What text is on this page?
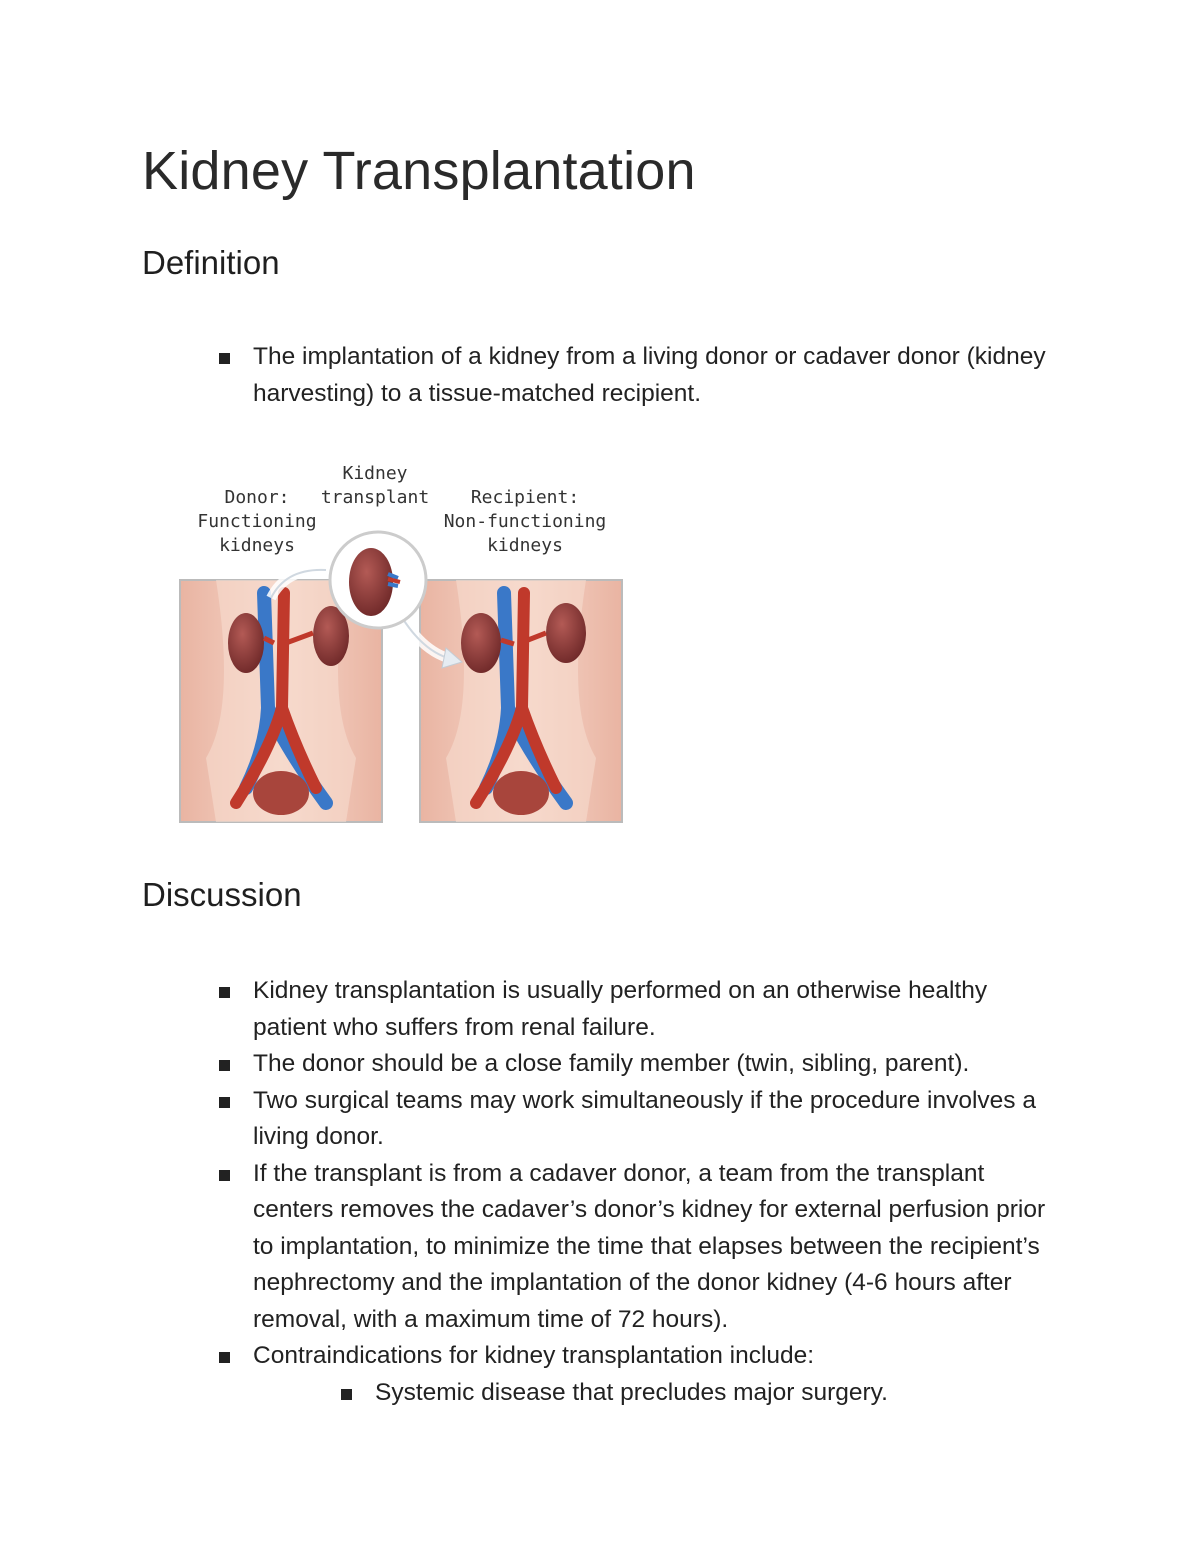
Kidney Transplantation
Definition
The implantation of a kidney from a living donor or cadaver donor (kidney harvesting) to a tissue-matched recipient.
Donor:
Functioning
kidneys
Kidney
transplant	Recipient:
Non-functioning
kidneys
Discussion
Kidney transplantation is usually performed on an otherwise healthy patient who suffers from renal failure.
The donor should be a close family member (twin, sibling, parent).
Two surgical teams may work simultaneously if the procedure involves a living donor.
If the transplant is from a cadaver donor, a team from the transplant centers removes the cadaver’s donor’s kidney for external perfusion prior to implantation, to minimize the time that elapses between the recipient’s nephrectomy and the implantation of the donor kidney (4-6 hours after removal, with a maximum time of 72 hours).
Contraindications for kidney transplantation include:
Systemic disease that precludes major surgery.
